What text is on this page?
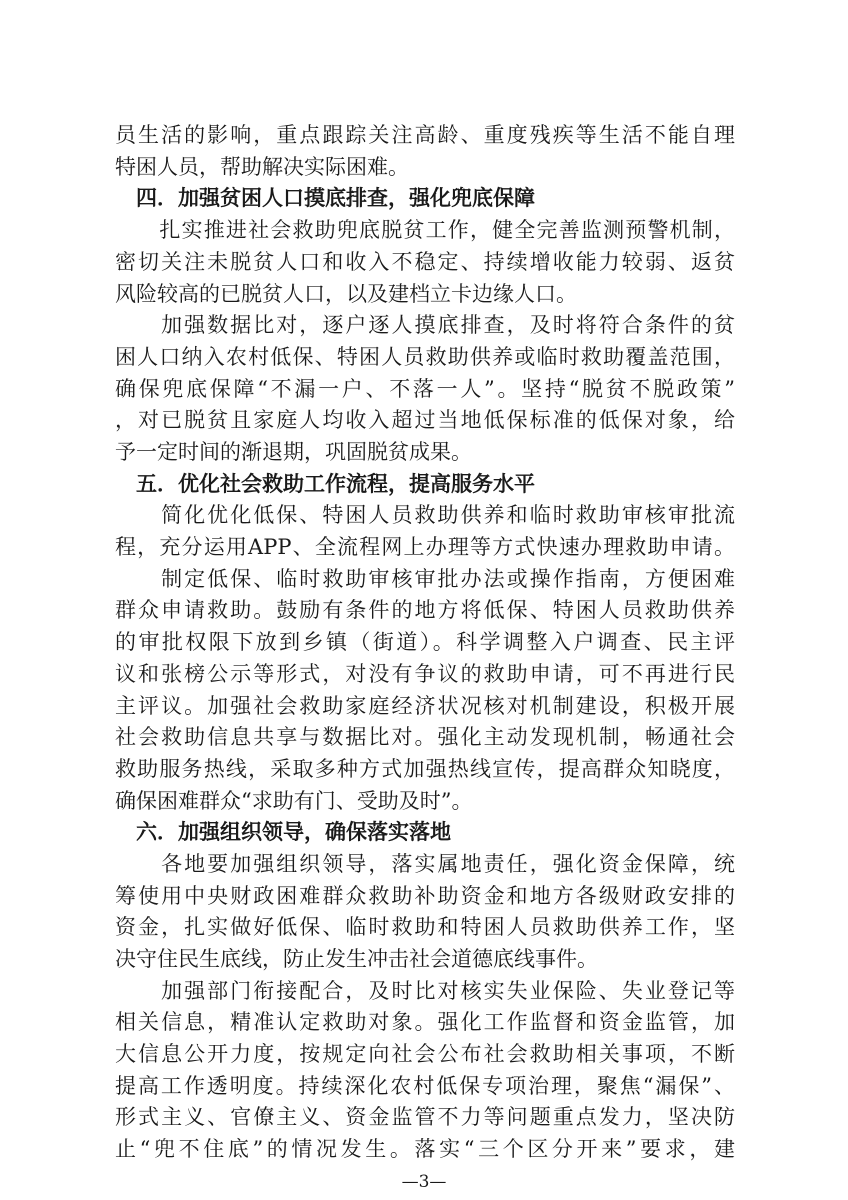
员生活的影响，重点跟踪关注高龄、重度残疾等生活不能自理
特困人员，帮助解决实际困难。
　四．加强贫困人口摸底排查，强化兜底保障
　　扎实推进社会救助兜底脱贫工作，健全完善监测预警机制，
密切关注未脱贫人口和收入不稳定、持续增收能力较弱、返贫
风险较高的已脱贫人口，以及建档立卡边缘人口。
　　加强数据比对，逐户逐人摸底排查，及时将符合条件的贫
困人口纳入农村低保、特困人员救助供养或临时救助覆盖范围，
确保兜底保障“不漏一户、不落一人”。坚持“脱贫不脱政策”
，对已脱贫且家庭人均收入超过当地低保标准的低保对象，给
予一定时间的渐退期，巩固脱贫成果。
　五．优化社会救助工作流程，提高服务水平
　　简化优化低保、特困人员救助供养和临时救助审核审批流
程，充分运用APP、全流程网上办理等方式快速办理救助申请。
　　制定低保、临时救助审核审批办法或操作指南，方便困难
群众申请救助。鼓励有条件的地方将低保、特困人员救助供养
的审批权限下放到乡镇（街道）。科学调整入户调查、民主评
议和张榜公示等形式，对没有争议的救助申请，可不再进行民
主评议。加强社会救助家庭经济状况核对机制建设，积极开展
社会救助信息共享与数据比对。强化主动发现机制，畅通社会
救助服务热线，采取多种方式加强热线宣传，提高群众知晓度，
确保困难群众“求助有门、受助及时”。
　六．加强组织领导，确保落实落地
　　各地要加强组织领导，落实属地责任，强化资金保障，统
筹使用中央财政困难群众救助补助资金和地方各级财政安排的
资金，扎实做好低保、临时救助和特困人员救助供养工作，坚
决守住民生底线，防止发生冲击社会道德底线事件。
　　加强部门衔接配合，及时比对核实失业保险、失业登记等
相关信息，精准认定救助对象。强化工作监督和资金监管，加
大信息公开力度，按规定向社会公布社会救助相关事项，不断
提高工作透明度。持续深化农村低保专项治理，聚焦“漏保”、
形式主义、官僚主义、资金监管不力等问题重点发力，坚决防
止“兜不住底”的情况发生。落实“三个区分开来”要求，建
—3—
